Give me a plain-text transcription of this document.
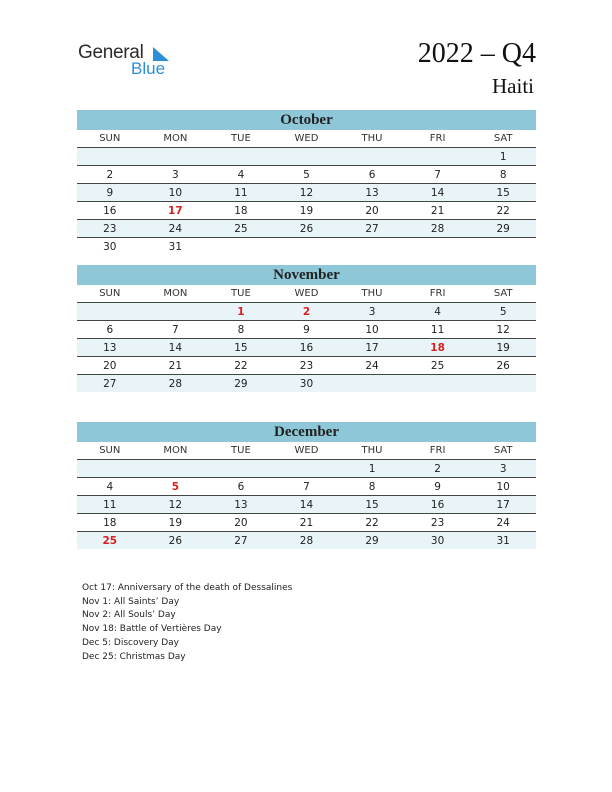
General
Blue	2022 – Q4
Haiti
October
SUN	MON	TUE	WED	THU	FRI	SAT
						1
2	3	4	5	6	7	8
9	10	11	12	13	14	15
16	17	18	19	20	21	22
23	24	25	26	27	28	29
30	31					
November
SUN	MON	TUE	WED	THU	FRI	SAT
		1	2	3	4	5
6	7	8	9	10	11	12
13	14	15	16	17	18	19
20	21	22	23	24	25	26
27	28	29	30			
December
SUN	MON	TUE	WED	THU	FRI	SAT
				1	2	3
4	5	6	7	8	9	10
11	12	13	14	15	16	17
18	19	20	21	22	23	24
25	26	27	28	29	30	31
Oct 17: Anniversary of the death of Dessalines
Nov 1: All Saints’ Day
Nov 2: All Souls’ Day
Nov 18: Battle of Vertières Day
Dec 5: Discovery Day
Dec 25: Christmas Day
